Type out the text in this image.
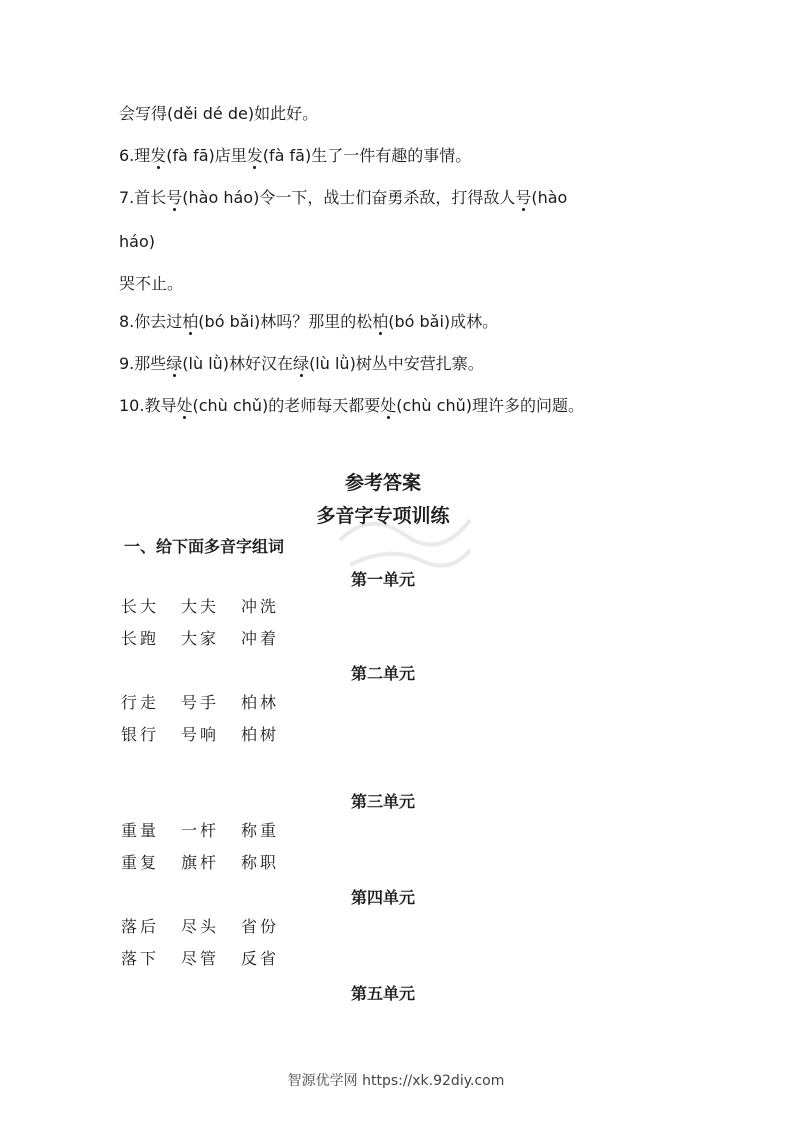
会写得(děi dé de)如此好。
6.理发(fà fā)店里发(fà fā)生了一件有趣的事情。
7.首长号(hào háo)令一下，战士们奋勇杀敌，打得敌人号(hào
háo)
哭不止。
8.你去过柏(bó bǎi)林吗？那里的松柏(bó bǎi)成林。
9.那些绿(lù lǜ)林好汉在绿(lù lǜ)树丛中安营扎寨。
10.教导处(chù chǔ)的老师每天都要处(chù chǔ)理许多的问题。
参考答案
多音字专项训练
一、给下面多音字组词
第一单元
长大 大夫 冲洗
长跑 大家 冲着
第二单元
行走 号手 柏林
银行 号响 柏树
第三单元
重量 一杆 称重
重复 旗杆 称职
第四单元
落后 尽头 省份
落下 尽管 反省
第五单元
智源优学网 https://xk.92diy.com
